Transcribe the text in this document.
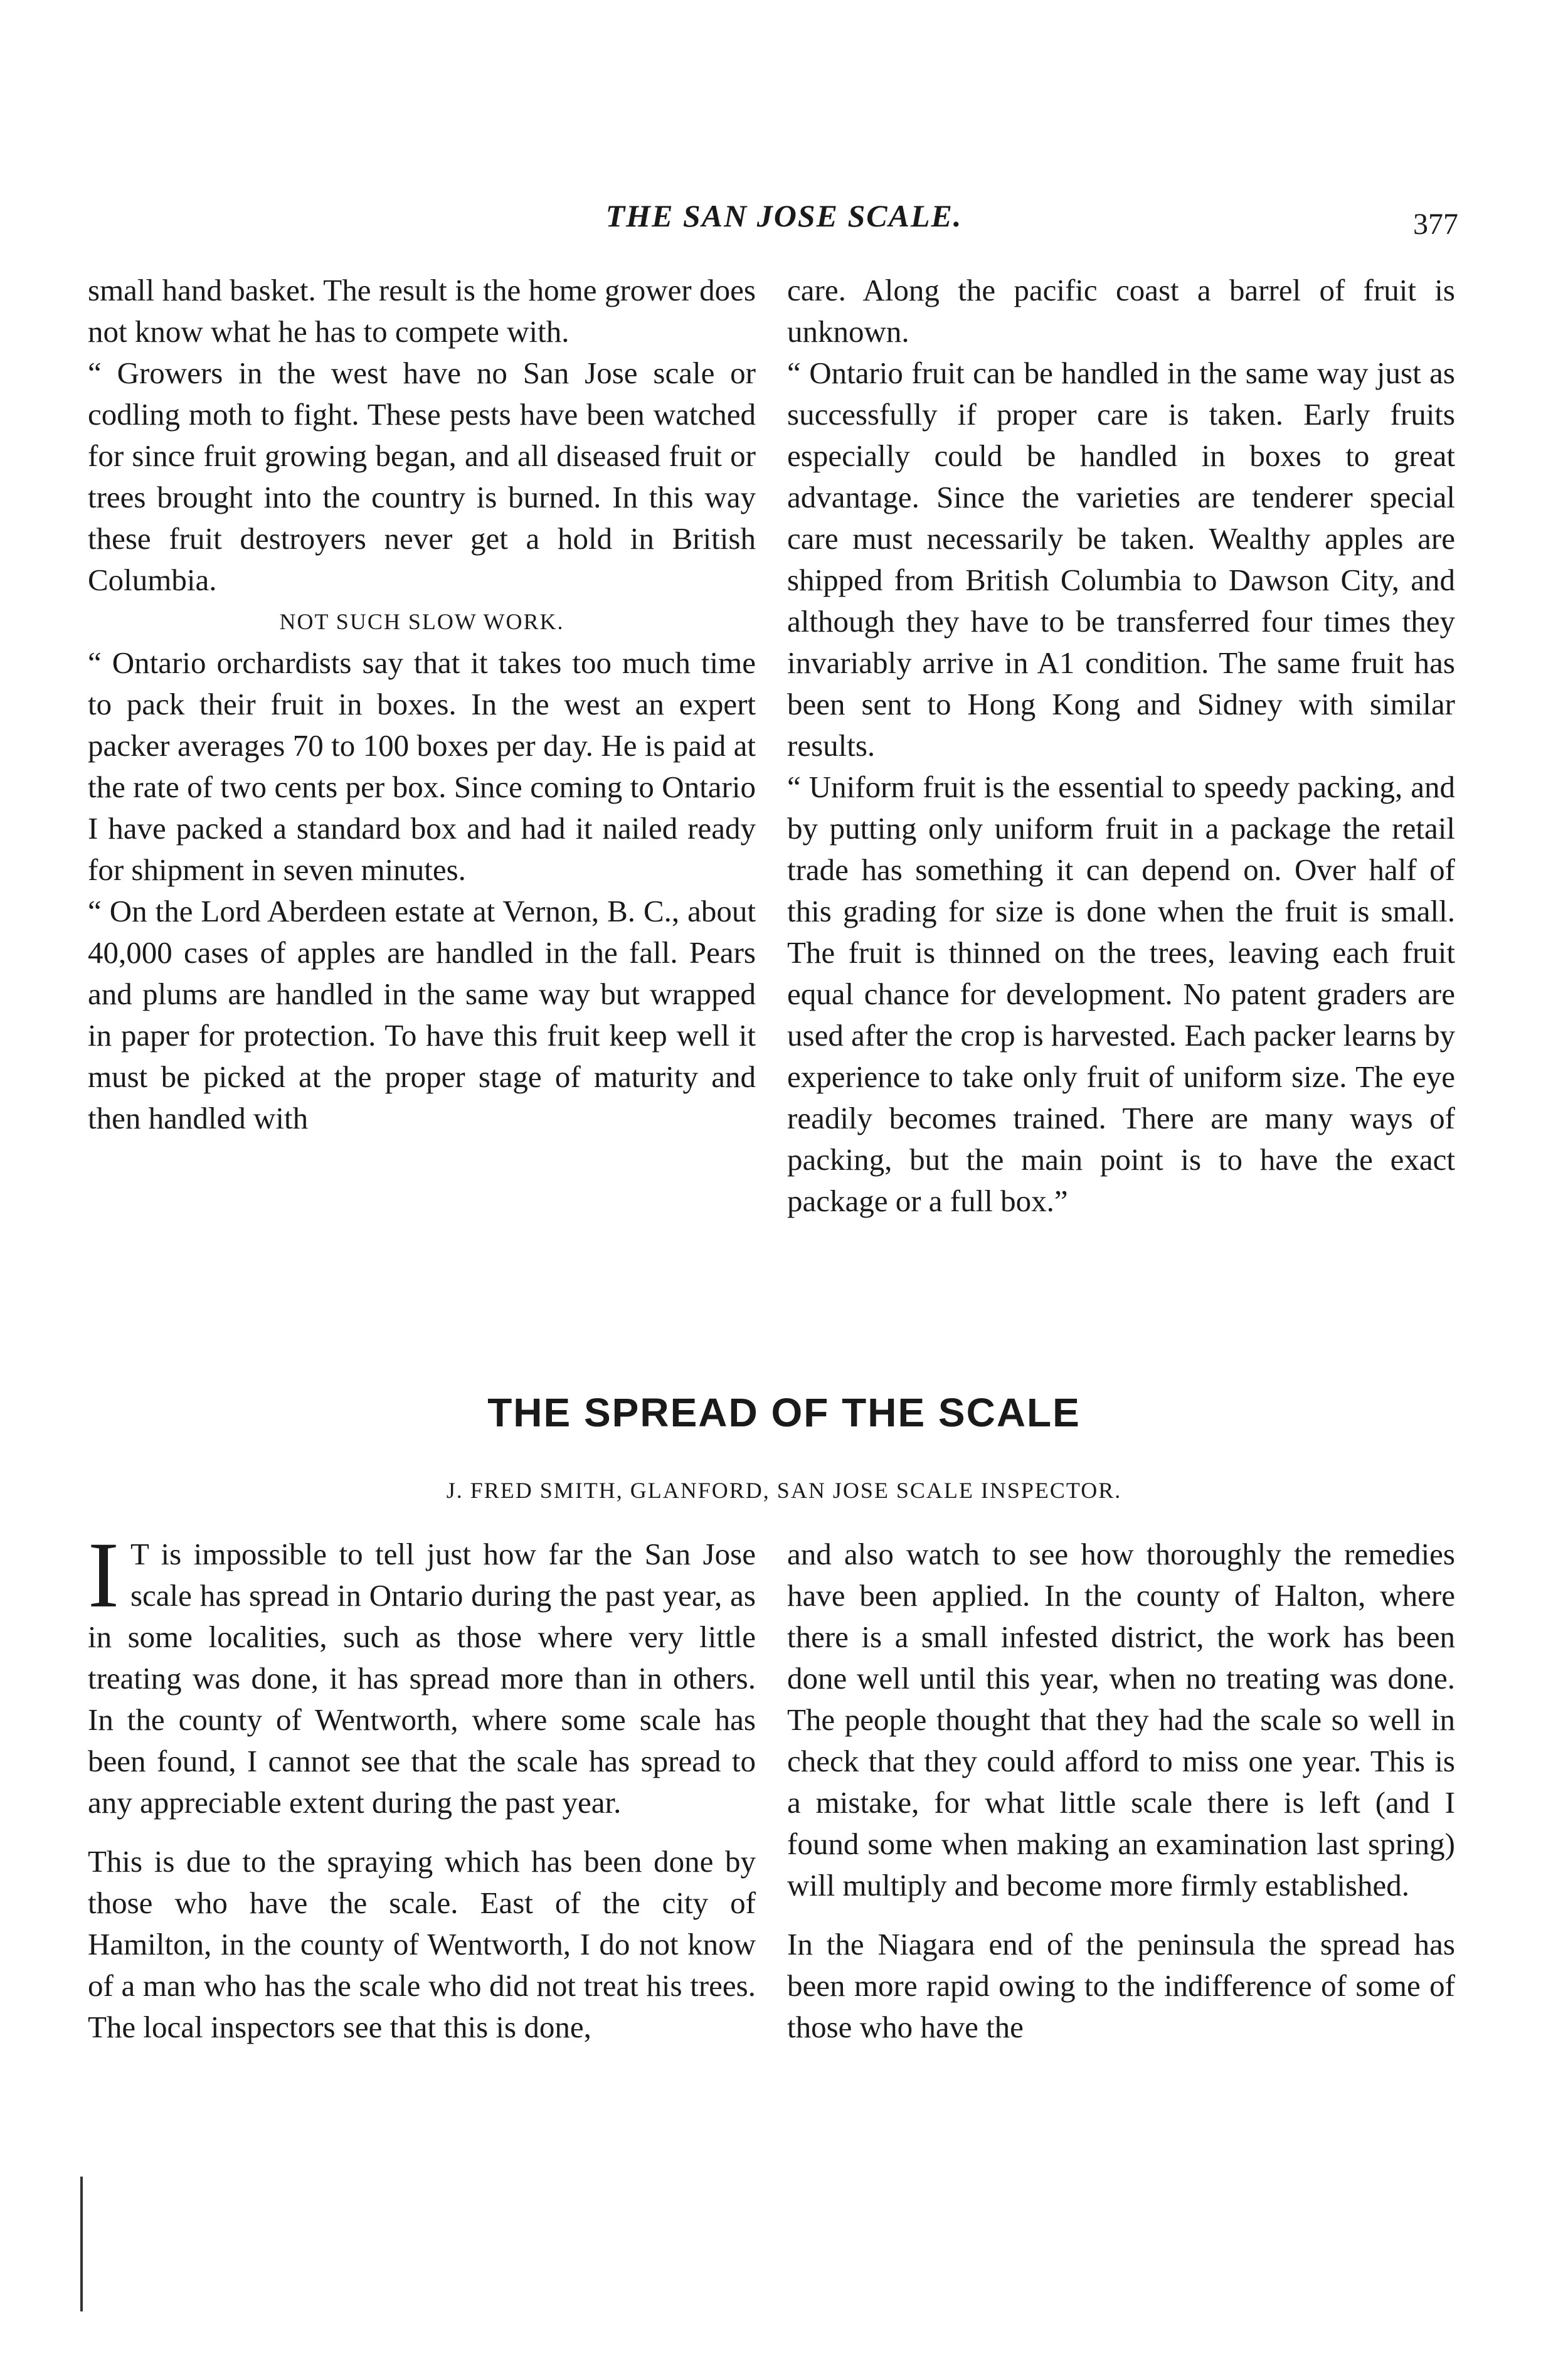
THE SAN JOSE SCALE.	377

small hand basket. The result is the home grower does not know what he has to compete with.

“ Growers in the west have no San Jose scale or codling moth to fight. These pests have been watched for since fruit growing began, and all diseased fruit or trees brought into the country is burned. In this way these fruit destroyers never get a hold in British Columbia.

NOT SUCH SLOW WORK.

“ Ontario orchardists say that it takes too much time to pack their fruit in boxes. In the west an expert packer averages 70 to 100 boxes per day. He is paid at the rate of two cents per box. Since coming to Ontario I have packed a standard box and had it nailed ready for shipment in seven minutes.

“ On the Lord Aberdeen estate at Vernon, B. C., about 40,000 cases of apples are handled in the fall. Pears and plums are handled in the same way but wrapped in paper for protection. To have this fruit keep well it must be picked at the proper stage of maturity and then handled with

care. Along the pacific coast a barrel of fruit is unknown.

“ Ontario fruit can be handled in the same way just as successfully if proper care is taken. Early fruits especially could be handled in boxes to great advantage. Since the varieties are tenderer special care must necessarily be taken. Wealthy apples are shipped from British Columbia to Dawson City, and although they have to be transferred four times they invariably arrive in A1 condition. The same fruit has been sent to Hong Kong and Sidney with similar results.

“ Uniform fruit is the essential to speedy packing, and by putting only uniform fruit in a package the retail trade has something it can depend on. Over half of this grading for size is done when the fruit is small. The fruit is thinned on the trees, leaving each fruit equal chance for development. No patent graders are used after the crop is harvested. Each packer learns by experience to take only fruit of uniform size. The eye readily becomes trained. There are many ways of packing, but the main point is to have the exact package or a full box.”

THE SPREAD OF THE SCALE
J. FRED SMITH, GLANFORD, SAN JOSE SCALE INSPECTOR.

I T is impossible to tell just how far the San Jose scale has spread in Ontario during the past year, as in some localities, such as those where very little treating was done, it has spread more than in others. In the county of Wentworth, where some scale has been found, I cannot see that the scale has spread to any appreciable extent during the past year.

This is due to the spraying which has been done by those who have the scale. East of the city of Hamilton, in the county of Wentworth, I do not know of a man who has the scale who did not treat his trees. The local inspectors see that this is done,

and also watch to see how thoroughly the remedies have been applied. In the county of Halton, where there is a small infested district, the work has been done well until this year, when no treating was done. The people thought that they had the scale so well in check that they could afford to miss one year. This is a mistake, for what little scale there is left (and I found some when making an examination last spring) will multiply and become more firmly established.

In the Niagara end of the peninsula the spread has been more rapid owing to the indifference of some of those who have the
